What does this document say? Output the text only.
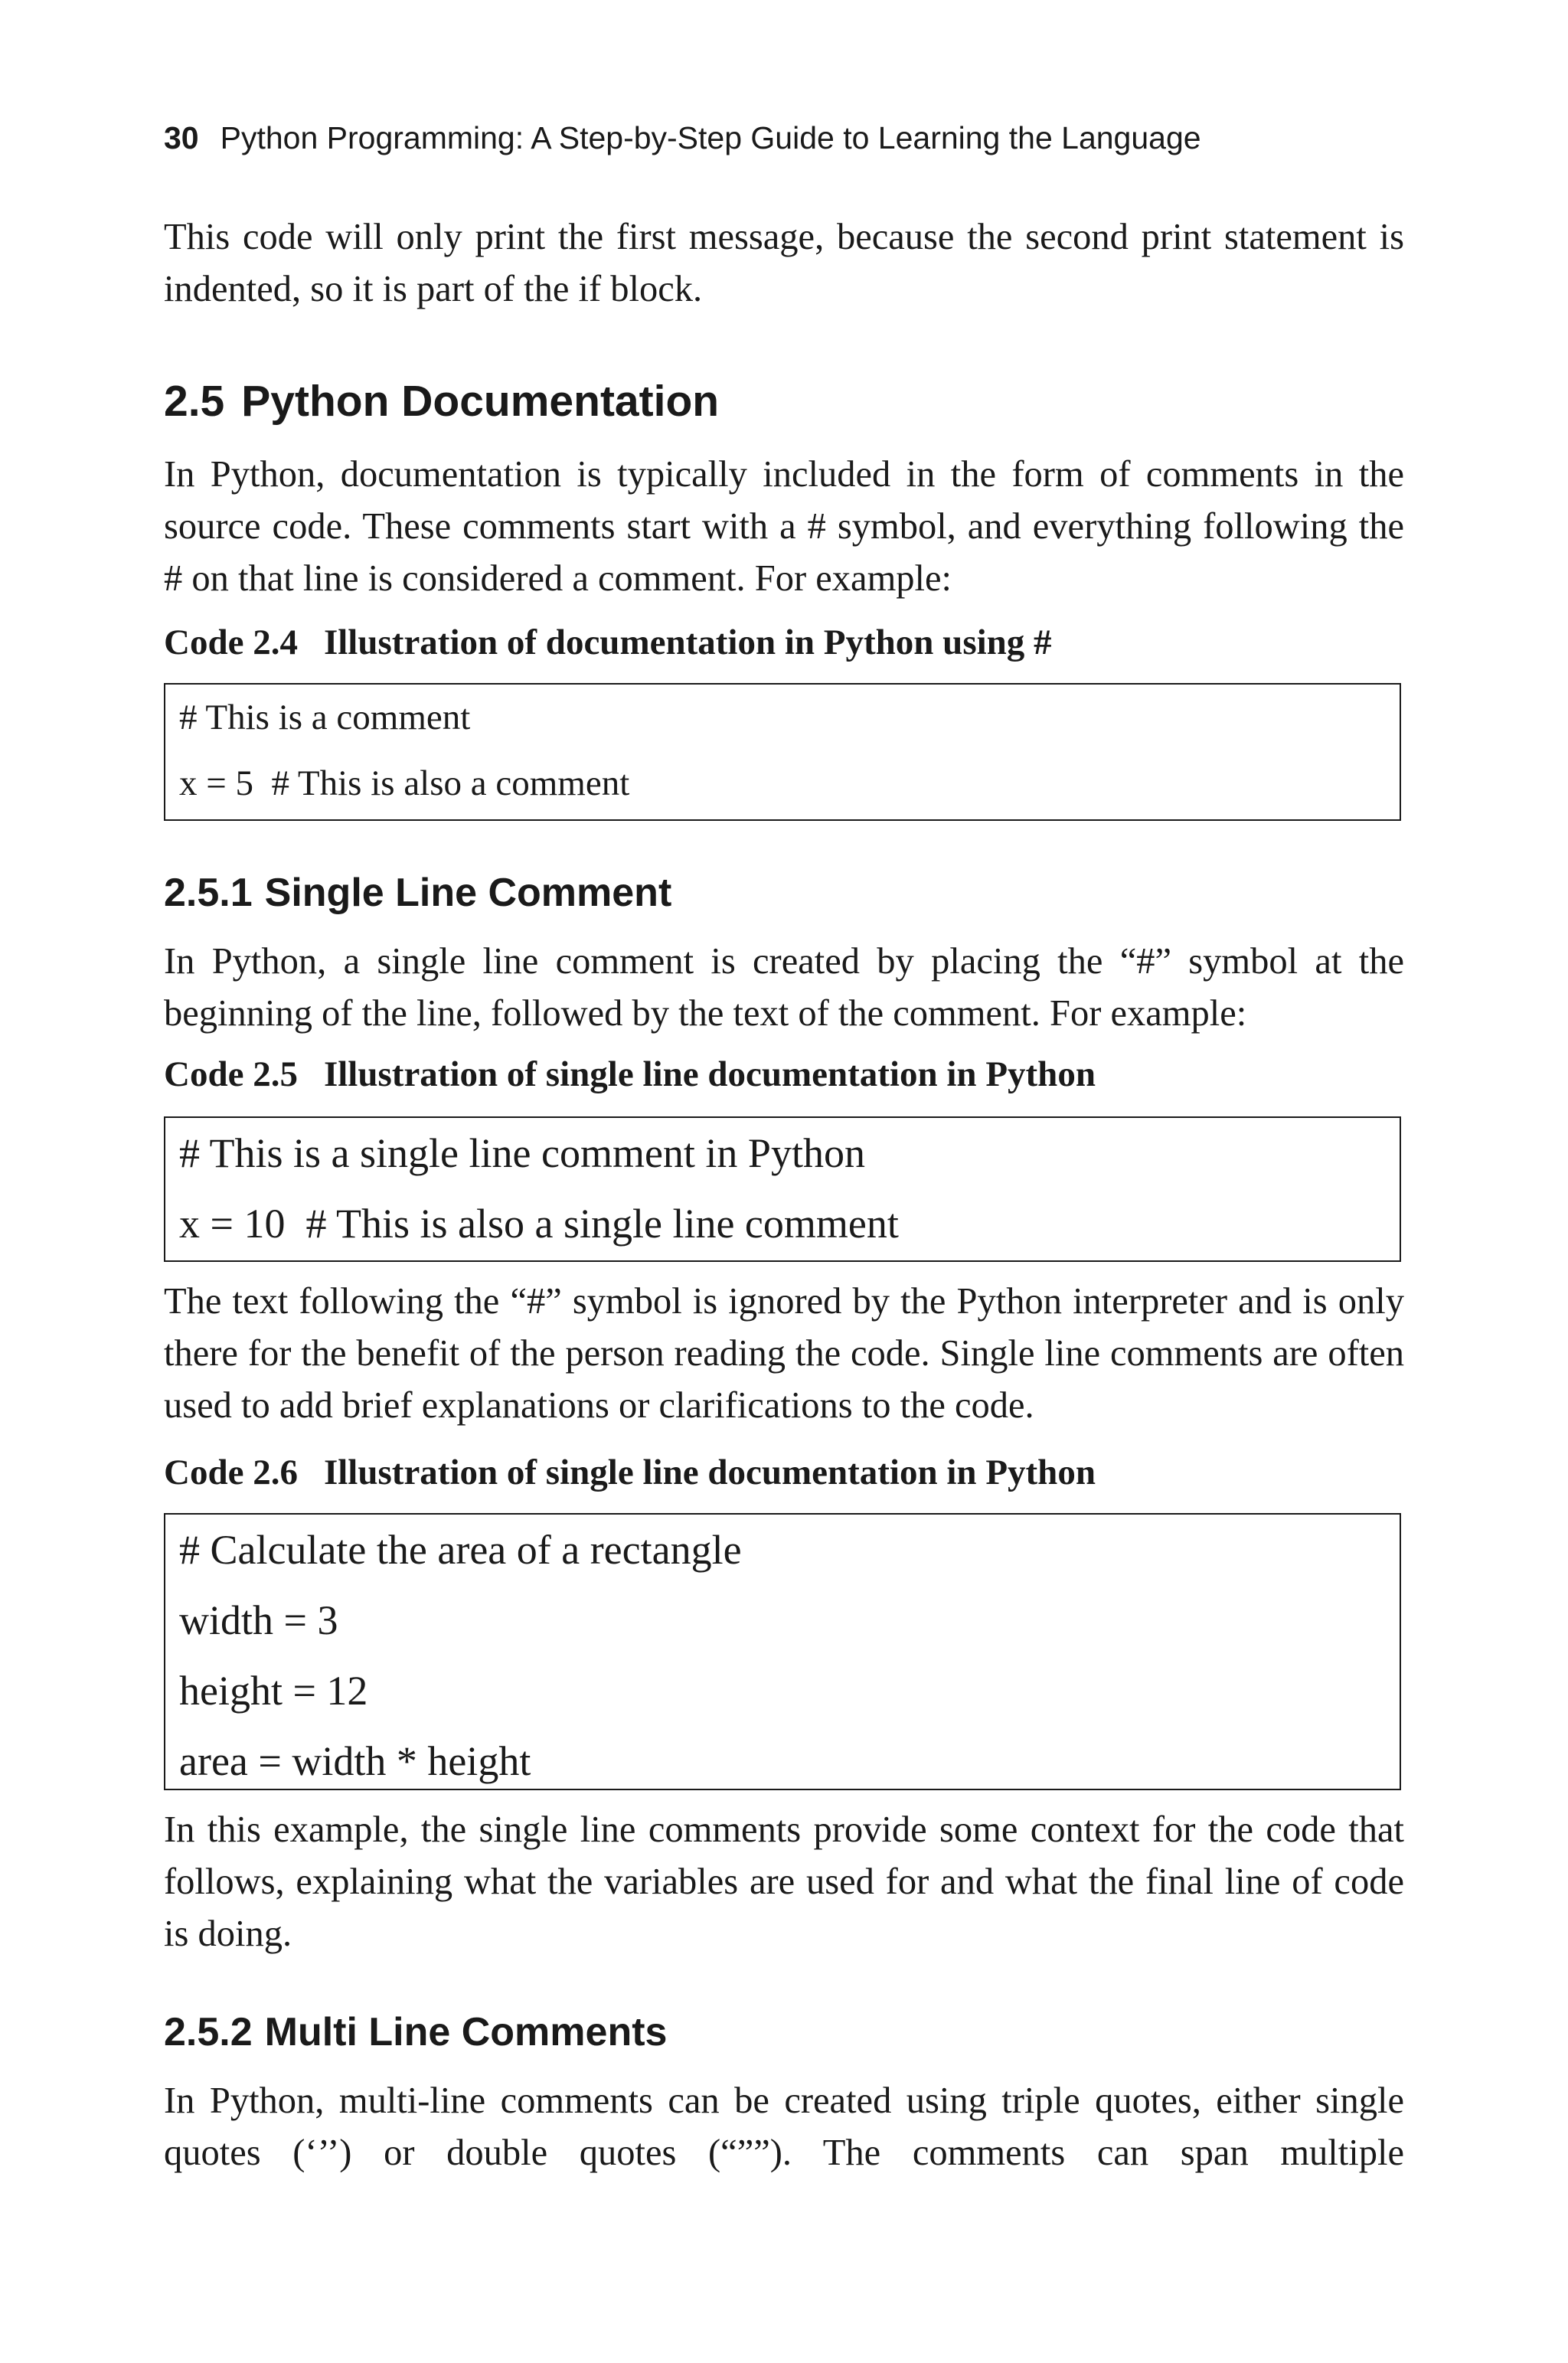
30 Python Programming: A Step-by-Step Guide to Learning the Language

This code will only print the first message, because the second print statement is indented, so it is part of the if block.

2.5 Python Documentation

In Python, documentation is typically included in the form of comments in the source code. These comments start with a # symbol, and everything following the # on that line is considered a comment. For example:

Code 2.4 Illustration of documentation in Python using #
# This is a comment
x = 5  # This is also a comment
2.5.1 Single Line Comment

In Python, a single line comment is created by placing the “#” symbol at the beginning of the line, followed by the text of the comment. For example:

Code 2.5 Illustration of single line documentation in Python
# This is a single line comment in Python
x = 10  # This is also a single line comment

The text following the “#” symbol is ignored by the Python interpreter and is only there for the benefit of the person reading the code. Single line comments are often used to add brief explanations or clarifications to the code.

Code 2.6 Illustration of single line documentation in Python
# Calculate the area of a rectangle
width = 3
height = 12
area = width * height

In this example, the single line comments provide some context for the code that follows, explaining what the variables are used for and what the final line of code is doing.

2.5.2 Multi Line Comments

In Python, multi-line comments can be created using triple quotes, either single quotes (‘’’) or double quotes (“””). The comments can span multiple
